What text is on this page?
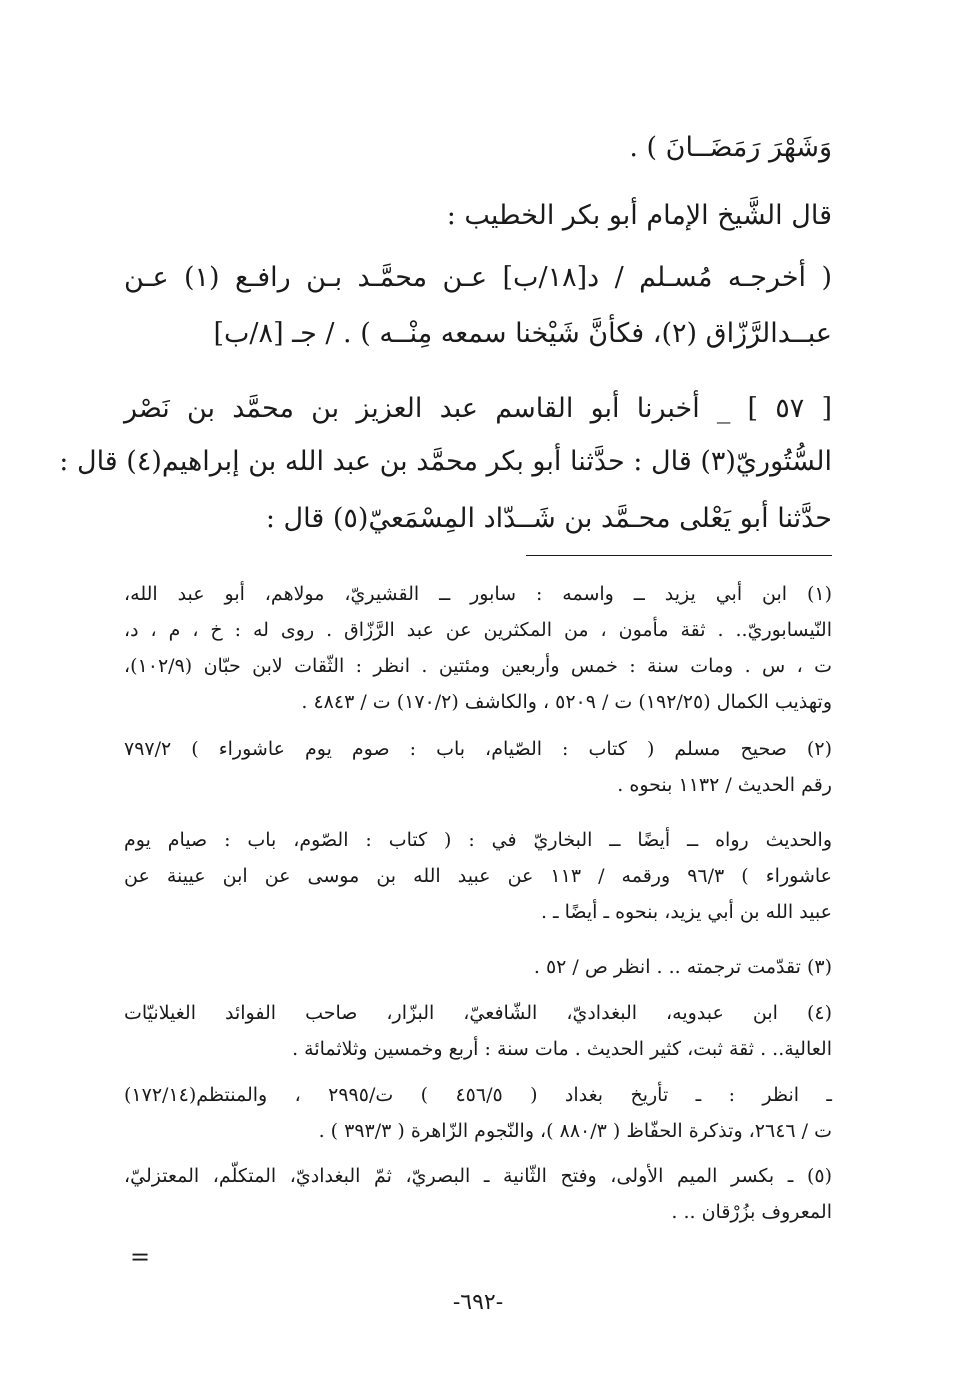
وَشَهْرَ رَمَضَــانَ ) .

قال الشَّيخ الإمام أبو بكر الخطيب :

( أخرجـه مُسـلم / د[١٨/ب] عـن محمَّـد بـن رافـع (١) عـن

عبــدالرَّزّاق (٢)، فكأنَّ شَيْخنا سمعه مِنْــه ) . / جـ [٨/ب]

[ ٥٧ ] _ أخبرنا أبو القاسم عبد العزيز بن محمَّد بن نَصْر

السُّتُوريّ(٣) قال : حدَّثنا أبو بكر محمَّد بن عبد الله بن إبراهيم(٤) قال :

حدَّثنا أبو يَعْلى محـمَّد بن شَــدّاد المِسْمَعيّ(٥) قال :

(١) ابن أبي يزيد ــ واسمه : سابور ــ القشيريّ، مولاهم، أبو عبد الله،

النّيسابوريّ.. . ثقة مأمون ، من المكثرين عن عبد الرَّزّاق . روى له : خ ، م ، د،

ت ، س . ومات سنة : خمس وأربعين ومئتين . انظر : الثّقات لابن حبّان (١٠٢/٩)،

وتهذيب الكمال (١٩٢/٢٥) ت / ٥٢٠٩ ، والكاشف (١٧٠/٢) ت / ٤٨٤٣ .

(٢) صحيح مسلم ( كتاب : الصّيام، باب : صوم يوم عاشوراء ) ٧٩٧/٢

رقم الحديث / ١١٣٢ بنحوه .

والحديث رواه ــ أيضًا ــ البخاريّ في : ( كتاب : الصّوم، باب : صيام يوم

عاشوراء ) ٩٦/٣ ورقمه / ١١٣ عن عبيد الله بن موسى عن ابن عيينة عن

عبيد الله بن أبي يزيد، بنحوه ـ أيضًا ـ .

(٣) تقدّمت ترجمته .. . انظر ص / ٥٢ .

(٤) ابن عبدويه، البغداديّ، الشّافعيّ، البزّار، صاحب الفوائد الغيلانيّات

العالية.. . ثقة ثبت، كثير الحديث . مات سنة : أربع وخمسين وثلاثمائة .

ـ انظر : ـ تأريخ بغداد ( ٤٥٦/٥ ) ت/٢٩٩٥ ، والمنتظم(١٧٢/١٤)

ت / ٢٦٤٦، وتذكرة الحفّاظ ( ٨٨٠/٣ )، والنّجوم الزّاهرة ( ٣٩٣/٣ ) .

(٥) ـ بكسر الميم الأولى، وفتح الثّانية ـ البصريّ، ثمّ البغداديّ، المتكلّم، المعتزليّ،

المعروف بزُرْقان .. .

=
-٦٩٢-
